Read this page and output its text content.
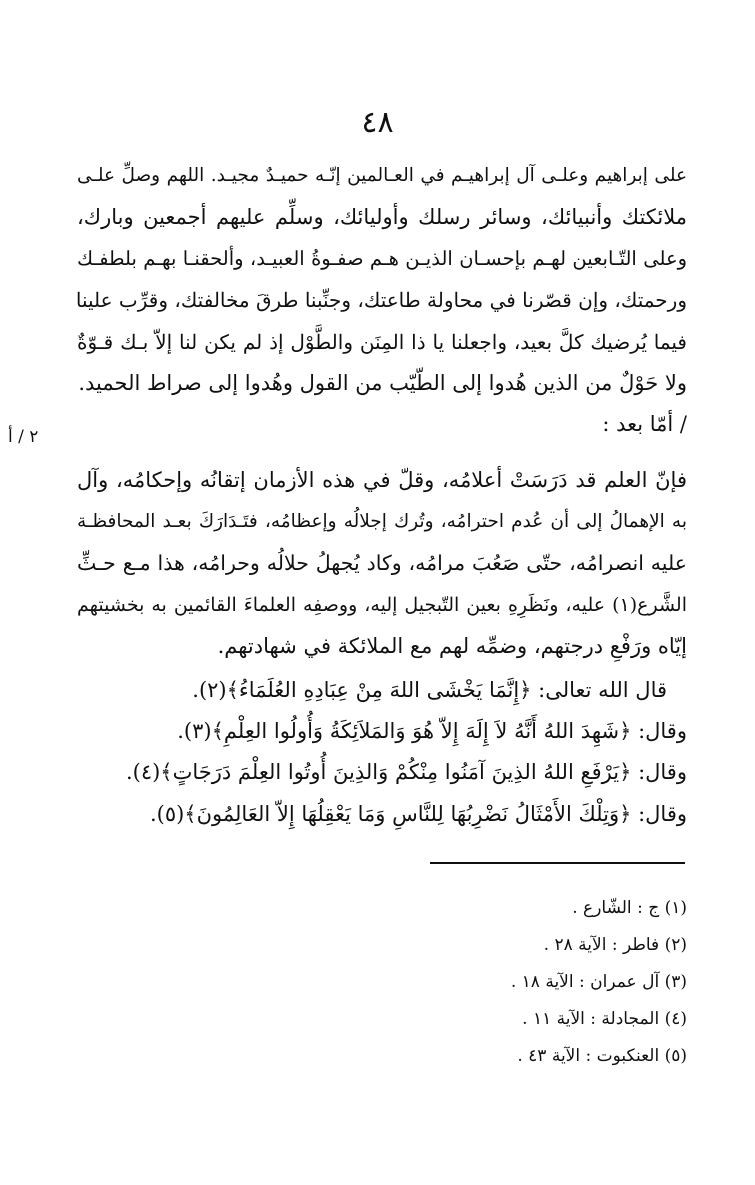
٤٨
٢ / أ
على إبراهيم وعلـى آل إبراهيـم في العـالمين إنّـه حميـدٌ مجيـد. اللهم وصلِّ علـى
ملائكتك وأنبيائك، وسائر رسلك وأوليائك، وسلِّم عليهم أجمعين وبارك،
وعلى التّـابعين لهـم بإحسـان الذيـن هـم صفـوةُ العبيـد، وألحقنـا بهـم بلطفـك
ورحمتك، وإن قصّرنا في محاولة طاعتك، وجنِّبنا طرقَ مخالفتك، وقرِّب علينا
فيما يُرضيك كلَّ بعيد، واجعلنا يا ذا المِنَن والطَّوْل إذ لم يكن لنا إلاّ بـك قـوّةٌ
ولا حَوْلٌ من الذين هُدوا إلى الطّيّب من القول وهُدوا إلى صراط الحميد.
/ أمّا بعد :
فإنّ العلم قد دَرَسَتْ أعلامُه، وقلّ في هذه الأزمان إتقانُه وإحكامُه، وآل
به الإهمالُ إلى أن عُدم احترامُه، وتُرك إجلالُه وإعظامُه، فتَـدَارَكَ بعـد المحافظـة
عليه انصرامُه، حتّى صَعُبَ مرامُه، وكاد يُجهلُ حلالُه وحرامُه، هذا مـع حـثِّ
الشَّرع(١) عليه، ونَظَرِهِ بعين التّبجيل إليه، ووصفِه العلماءَ القائمين به بخشيتهم
إيّاه ورَفْعِ درجتهم، وضمِّه لهم مع الملائكة في شهادتهم.
قال الله تعالى: ﴿إِنَّمَا يَخْشَى اللهَ مِنْ عِبَادِهِ العُلَمَاءُ﴾(٢).
وقال: ﴿شَهِدَ اللهُ أَنَّهُ لاَ إِلَهَ إِلاّ هُوَ وَالمَلاَئِكَةُ وَأُولُوا العِلْمِ﴾(٣).
وقال: ﴿يَرْفَعِ اللهُ الذِينَ آمَنُوا مِنْكُمْ وَالذِينَ أُوتُوا العِلْمَ دَرَجَاتٍ﴾(٤).
وقال: ﴿وَتِلْكَ الأَمْثَالُ نَضْرِبُهَا لِلنَّاسِ وَمَا يَعْقِلُهَا إِلاّ العَالِمُونَ﴾(٥).
(١) ج : الشّارع .
(٢) فاطر : الآية ٢٨ .
(٣) آل عمران : الآية ١٨ .
(٤) المجادلة : الآية ١١ .
(٥) العنكبوت : الآية ٤٣ .
